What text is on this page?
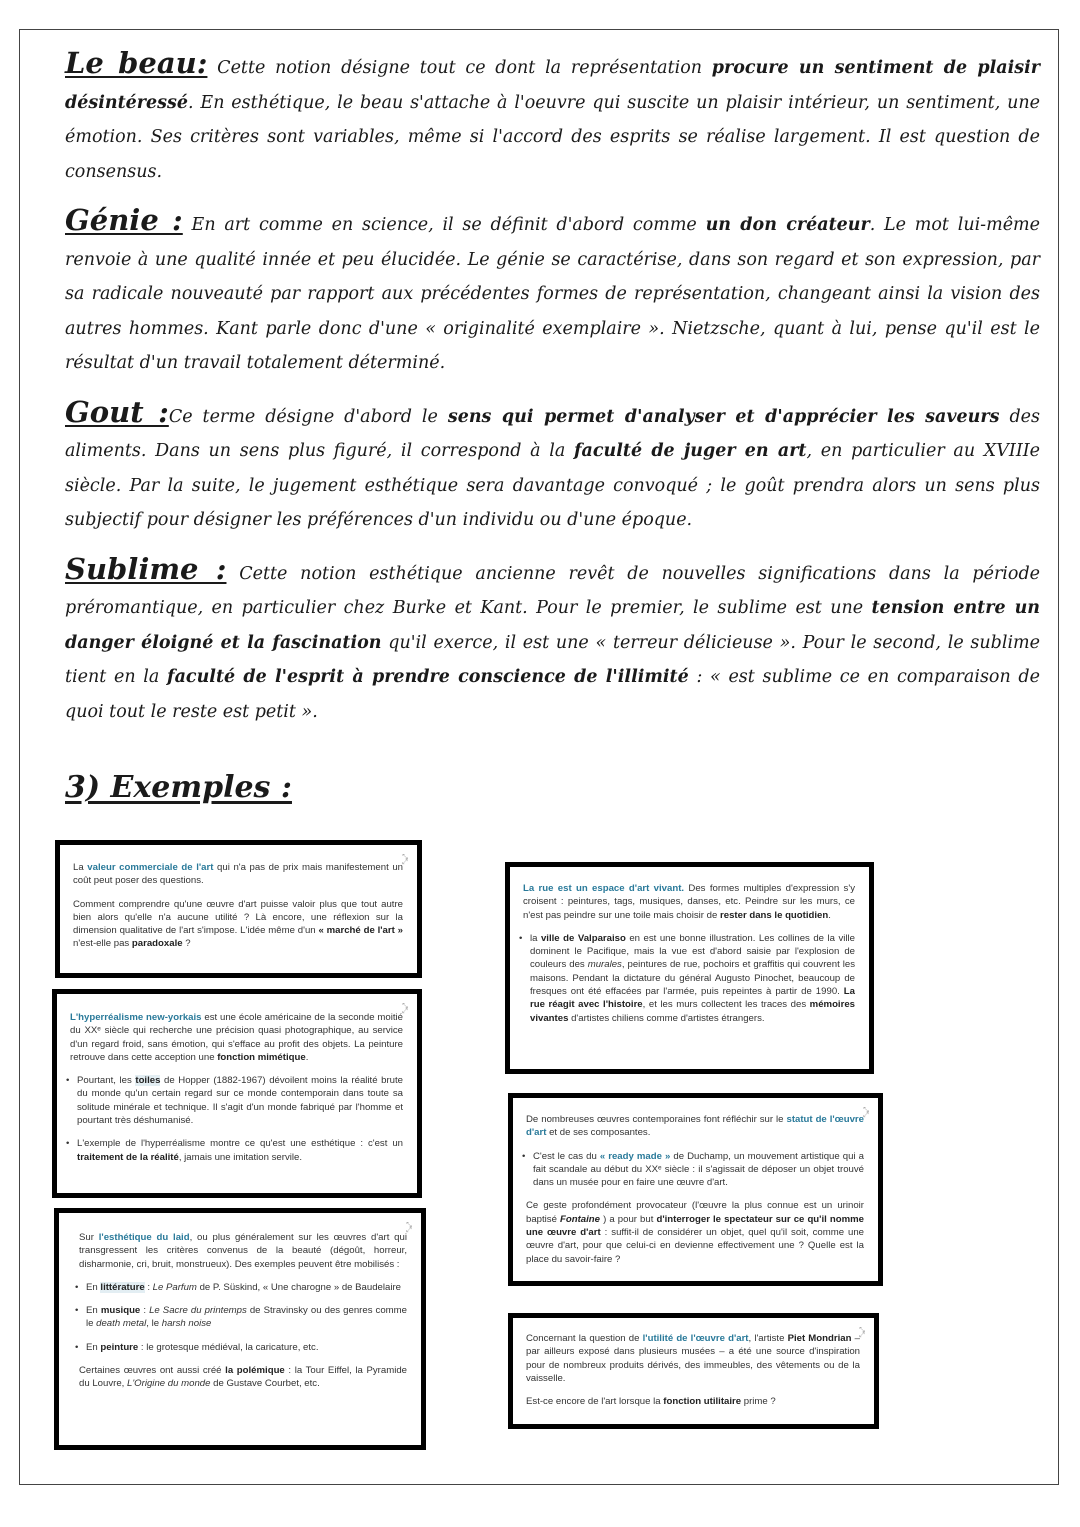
Le beau: Cette notion désigne tout ce dont la représentation procure un sentiment de plaisir désintéressé. En esthétique, le beau s'attache à l'oeuvre qui suscite un plaisir intérieur, un sentiment, une émotion. Ses critères sont variables, même si l'accord des esprits se réalise largement. Il est question de consensus.

Génie : En art comme en science, il se définit d'abord comme un don créateur. Le mot lui-même renvoie à une qualité innée et peu élucidée. Le génie se caractérise, dans son regard et son expression, par sa radicale nouveauté par rapport aux précédentes formes de représentation, changeant ainsi la vision des autres hommes. Kant parle donc d'une « originalité exemplaire ». Nietzsche, quant à lui, pense qu'il est le résultat d'un travail totalement déterminé.

Gout :Ce terme désigne d'abord le sens qui permet d'analyser et d'apprécier les saveurs des aliments. Dans un sens plus figuré, il correspond à la faculté de juger en art, en particulier au XVIIIe siècle. Par la suite, le jugement esthétique sera davantage convoqué ; le goût prendra alors un sens plus subjectif pour désigner les préférences d'un individu ou d'une époque.

Sublime : Cette notion esthétique ancienne revêt de nouvelles significations dans la période préromantique, en particulier chez Burke et Kant. Pour le premier, le sublime est une tension entre un danger éloigné et la fascination qu'il exerce, il est une « terreur délicieuse ». Pour le second, le sublime tient en la faculté de l'esprit à prendre conscience de l'illimité : « est sublime ce en comparaison de quoi tout le reste est petit ».

3) Exemples :
⤡
⤢

La valeur commerciale de l'art qui n'a pas de prix mais manifestement un coût peut poser des questions.

Comment comprendre qu'une œuvre d'art puisse valoir plus que tout autre bien alors qu'elle n'a aucune utilité ? Là encore, une réflexion sur la dimension qualitative de l'art s'impose. L'idée même d'un « marché de l'art » n'est-elle pas paradoxale ?

⤡
⤢

L'hyperréalisme new-yorkais est une école américaine de la seconde moitié du XXᵉ siècle qui recherche une précision quasi photographique, au service d'un regard froid, sans émotion, qui s'efface au profit des objets. La peinture retrouve dans cette acception une fonction mimétique.

• Pourtant, les toiles de Hopper (1882-1967) dévoilent moins la réalité brute du monde qu'un certain regard sur ce monde contemporain dans toute sa solitude minérale et technique. Il s'agit d'un monde fabriqué par l'homme et pourtant très déshumanisé.
• L'exemple de l'hyperréalisme montre ce qu'est une esthétique : c'est un traitement de la réalité, jamais une imitation servile.
⤡
⤢

Sur l'esthétique du laid, ou plus généralement sur les œuvres d'art qui transgressent les critères convenus de la beauté (dégoût, horreur, disharmonie, cri, bruit, monstrueux). Des exemples peuvent être mobilisés :

• En littérature : Le Parfum de P. Süskind, « Une charogne » de Baudelaire
• En musique : Le Sacre du printemps de Stravinsky ou des genres comme le death metal, le harsh noise
• En peinture : le grotesque médiéval, la caricature, etc.

Certaines œuvres ont aussi créé la polémique : la Tour Eiffel, la Pyramide du Louvre, L'Origine du monde de Gustave Courbet, etc.

La rue est un espace d'art vivant. Des formes multiples d'expression s'y croisent : peintures, tags, musiques, danses, etc. Peindre sur les murs, ce n'est pas peindre sur une toile mais choisir de rester dans le quotidien.

• la ville de Valparaiso en est une bonne illustration. Les collines de la ville dominent le Pacifique, mais la vue est d'abord saisie par l'explosion de couleurs des murales, peintures de rue, pochoirs et graffitis qui couvrent les maisons. Pendant la dictature du général Augusto Pinochet, beaucoup de fresques ont été effacées par l'armée, puis repeintes à partir de 1990. La rue réagit avec l'histoire, et les murs collectent les traces des mémoires vivantes d'artistes chiliens comme d'artistes étrangers.
⤡
⤢

De nombreuses œuvres contemporaines font réfléchir sur le statut de l'œuvre d'art et de ses composantes.

• C'est le cas du « ready made » de Duchamp, un mouvement artistique qui a fait scandale au début du XXᵉ siècle : il s'agissait de déposer un objet trouvé dans un musée pour en faire une œuvre d'art.

Ce geste profondément provocateur (l'œuvre la plus connue est un urinoir baptisé Fontaine ) a pour but d'interroger le spectateur sur ce qu'il nomme une œuvre d'art : suffit-il de considérer un objet, quel qu'il soit, comme une œuvre d'art, pour que celui-ci en devienne effectivement une ? Quelle est la place du savoir-faire ?

⤡
⤢

Concernant la question de l'utilité de l'œuvre d'art, l'artiste Piet Mondrian – par ailleurs exposé dans plusieurs musées – a été une source d'inspiration pour de nombreux produits dérivés, des immeubles, des vêtements ou de la vaisselle.

Est-ce encore de l'art lorsque la fonction utilitaire prime ?
